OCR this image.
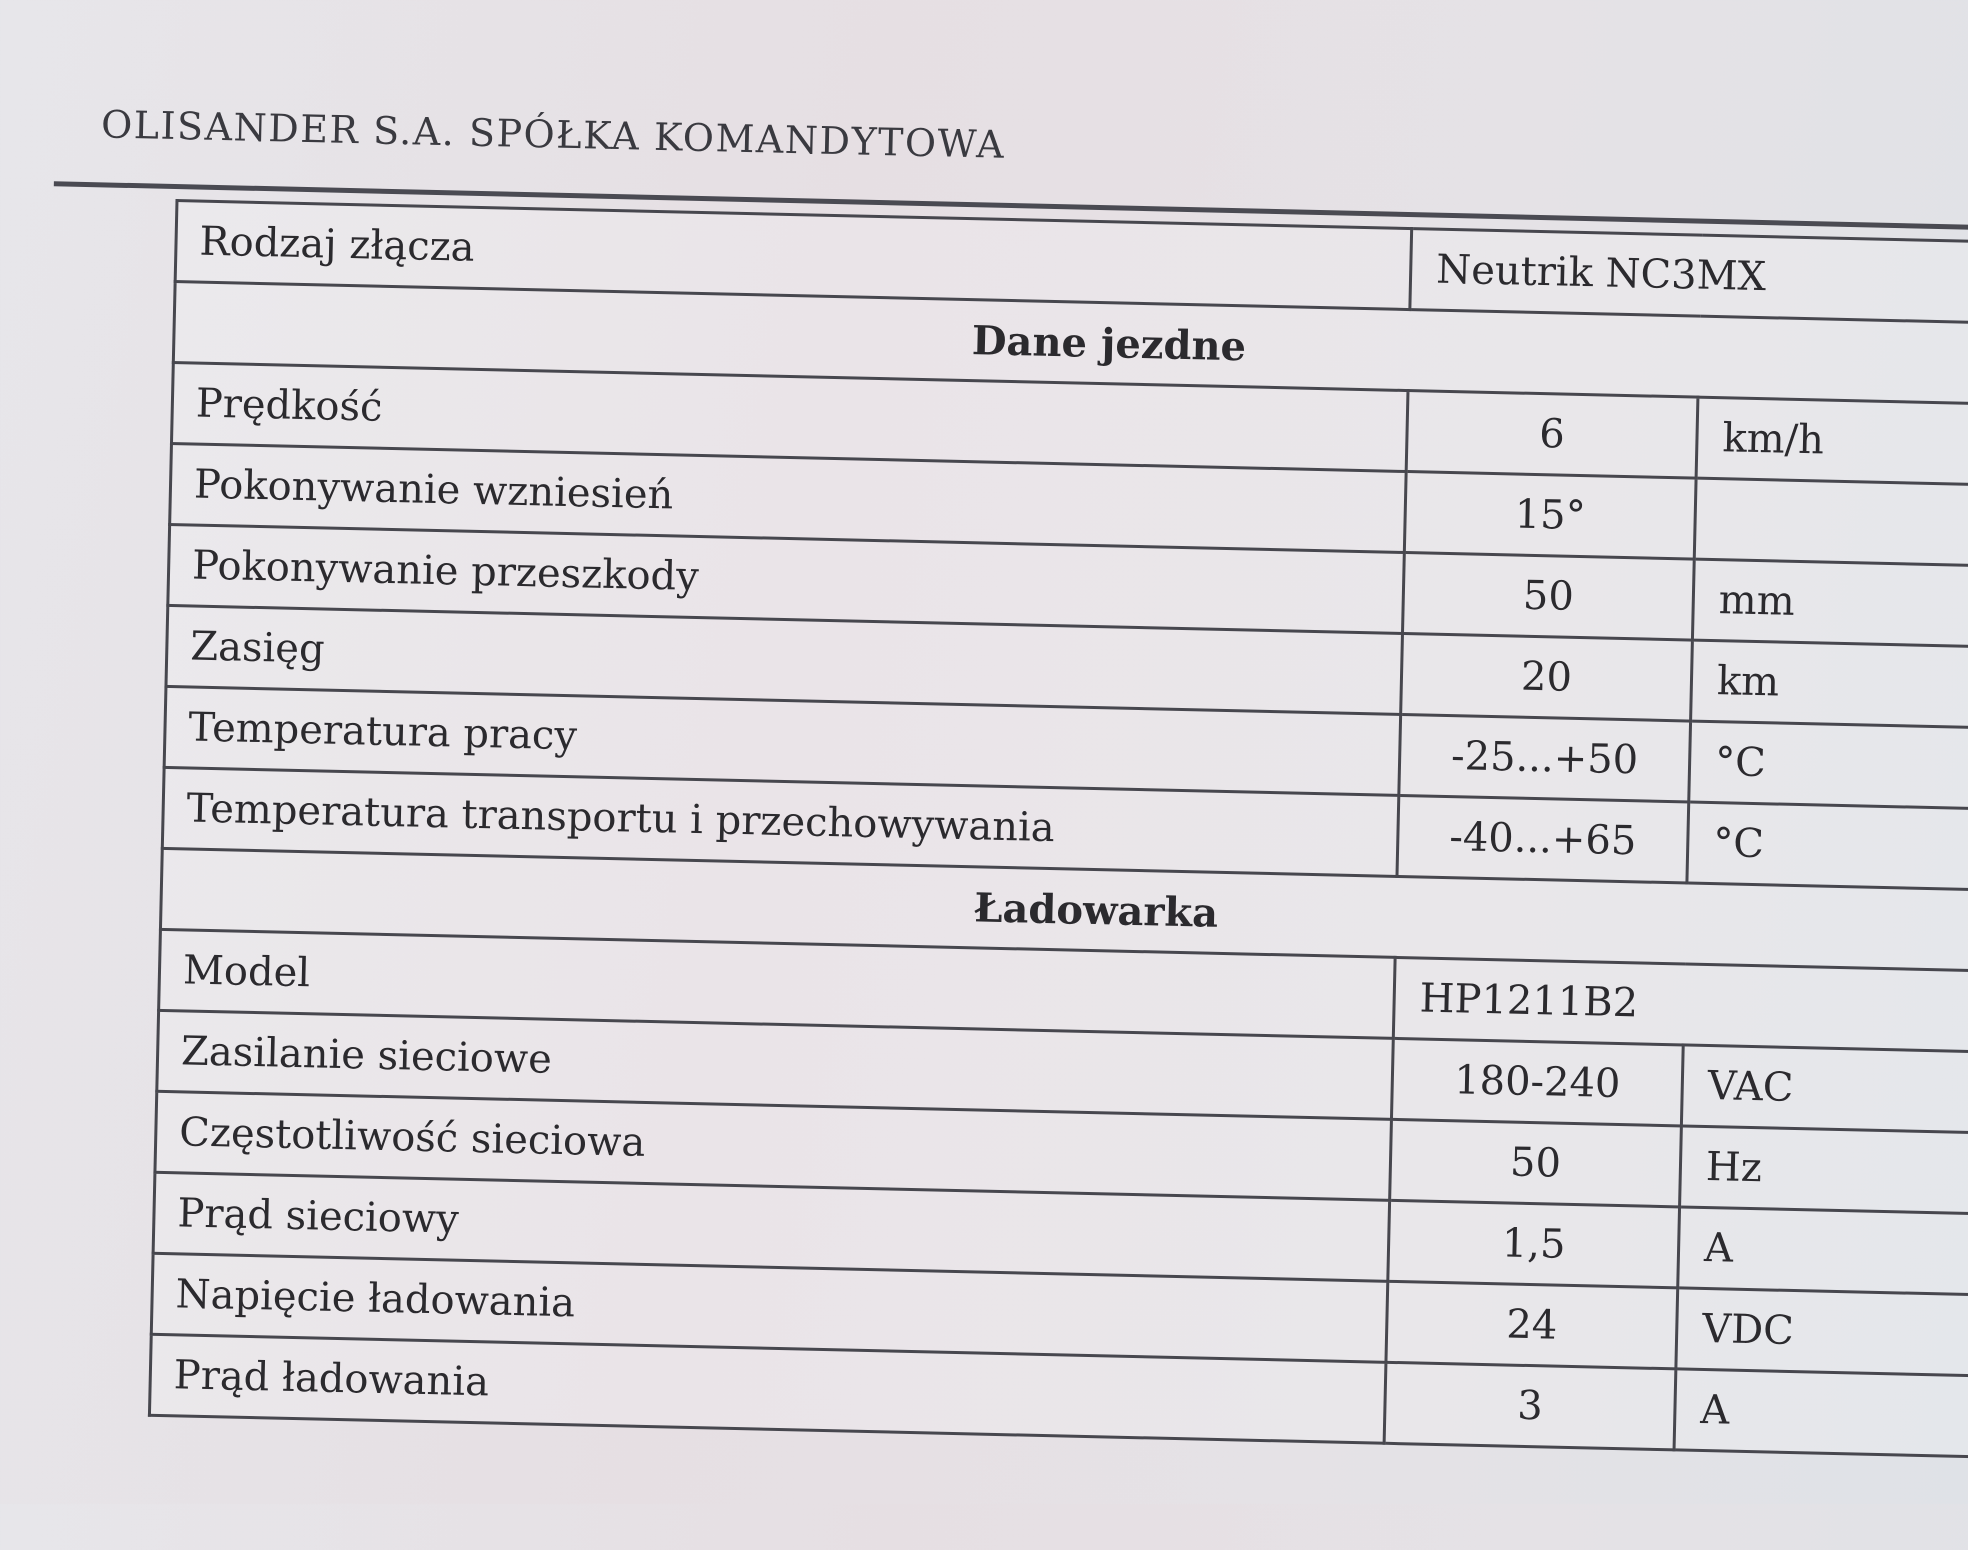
OLISANDER S.A. SPÓŁKA KOMANDYTOWA
Rodzaj złącza	Neutrik NC3MX	
Dane jezdne		
Prędkość	6	km/h
Pokonywanie wzniesień	15°	
Pokonywanie przeszkody	50	mm
Zasięg	20	km
Temperatura pracy	-25...+50	°C
Temperatura transportu i przechowywania	-40...+65	°C
Ładowarka		
Model	HP1211B2	
Zasilanie sieciowe	180-240	VAC
Częstotliwość sieciowa	50	Hz
Prąd sieciowy	1,5	A
Napięcie ładowania	24	VDC
Prąd ładowania	3	A
